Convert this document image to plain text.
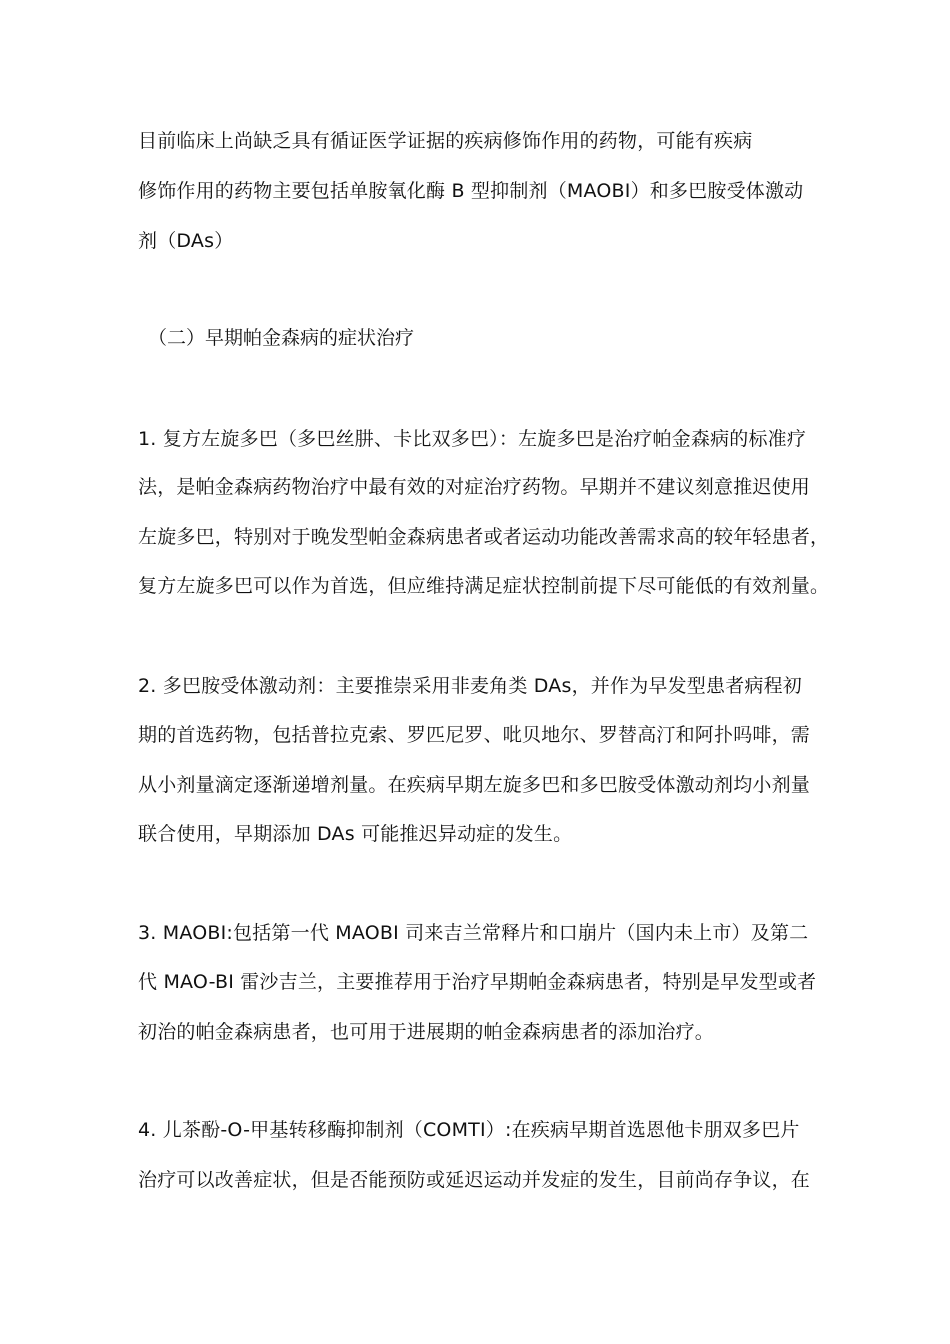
目前临床上尚缺乏具有循证医学证据的疾病修饰作用的药物，可能有疾病
修饰作用的药物主要包括单胺氧化酶 B 型抑制剂（MAOBI）和多巴胺受体激动
剂（DAs）
（二）早期帕金森病的症状治疗
1. 复方左旋多巴（多巴丝肼、卡比双多巴）：左旋多巴是治疗帕金森病的标准疗
法，是帕金森病药物治疗中最有效的对症治疗药物。早期并不建议刻意推迟使用
左旋多巴，特别对于晚发型帕金森病患者或者运动功能改善需求高的较年轻患者，
复方左旋多巴可以作为首选，但应维持满足症状控制前提下尽可能低的有效剂量。
2. 多巴胺受体激动剂：主要推崇采用非麦角类 DAs，并作为早发型患者病程初
期的首选药物，包括普拉克索、罗匹尼罗、吡贝地尔、罗替高汀和阿扑吗啡，需
从小剂量滴定逐渐递增剂量。在疾病早期左旋多巴和多巴胺受体激动剂均小剂量
联合使用，早期添加 DAs 可能推迟异动症的发生。
3. MAOBI:包括第一代 MAOBI 司来吉兰常释片和口崩片（国内未上市）及第二
代 MAO-BI 雷沙吉兰，主要推荐用于治疗早期帕金森病患者，特别是早发型或者
初治的帕金森病患者，也可用于进展期的帕金森病患者的添加治疗。
4. 儿茶酚-O-甲基转移酶抑制剂（COMTI）:在疾病早期首选恩他卡朋双多巴片
治疗可以改善症状，但是否能预防或延迟运动并发症的发生，目前尚存争议，在
